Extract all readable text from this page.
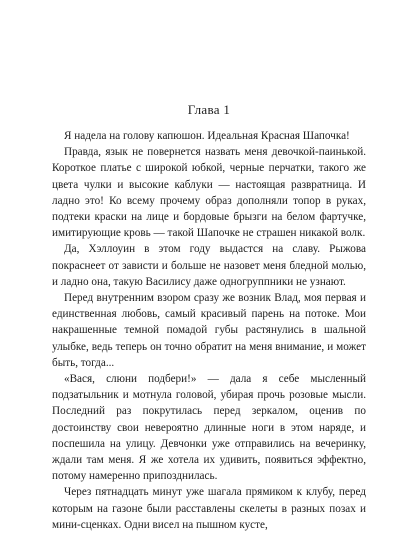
Глава 1

Я надела на голову капюшон. Идеальная Красная Шапочка!

Правда, язык не повернется назвать меня девочкой-паинькой. Короткое платье с широкой юбкой, черные перчатки, такого же цвета чулки и высокие каблуки — настоящая развратница. И ладно это! Ко всему прочему образ дополняли топор в руках, подтеки краски на лице и бордовые брызги на белом фартучке, имитирующие кровь — такой Шапочке не страшен никакой волк.

Да, Хэллоуин в этом году выдастся на славу. Рыжова покраснеет от зависти и больше не назовет меня бледной молью, и ладно она, такую Василису даже одногруппники не узнают.

Перед внутренним взором сразу же возник Влад, моя первая и единственная любовь, самый красивый парень на потоке. Мои накрашенные темной помадой губы растянулись в шальной улыбке, ведь теперь он точно обратит на меня внимание, и может быть, тогда...

«Вася, слюни подбери!» — дала я себе мысленный подзатыльник и мотнула головой, убирая прочь розовые мысли. Последний раз покрутилась перед зеркалом, оценив по достоинству свои невероятно длинные ноги в этом наряде, и поспешила на улицу. Девчонки уже отправились на вечеринку, ждали там меня. Я же хотела их удивить, появиться эффектно, потому намеренно припозднилась.

Через пятнадцать минут уже шагала прямиком к клубу, перед которым на газоне были расставлены скелеты в разных позах и мини-сценках. Одни висел на пышном кусте,
